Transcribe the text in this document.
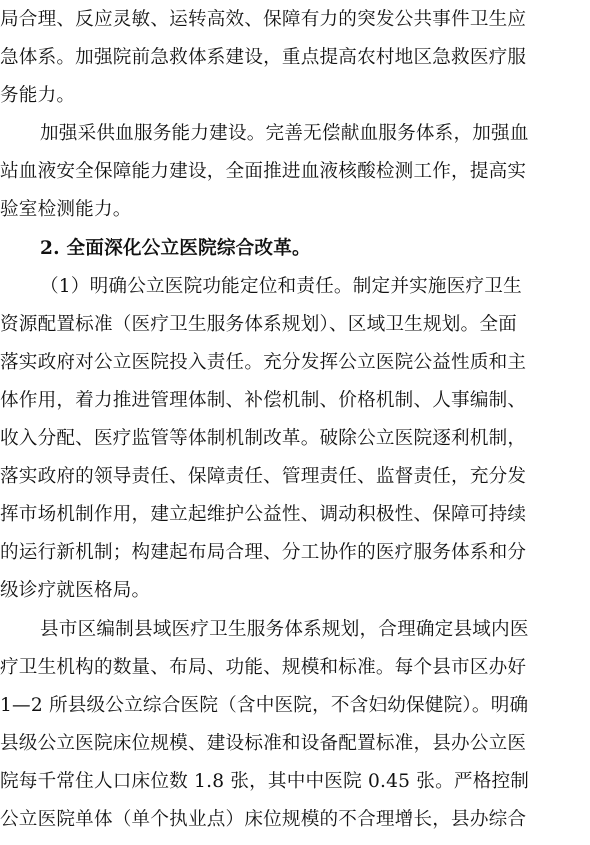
局合理、反应灵敏、运转高效、保障有力的突发公共事件卫生应
急体系。加强院前急救体系建设，重点提高农村地区急救医疗服
务能力。
加强采供血服务能力建设。完善无偿献血服务体系，加强血
站血液安全保障能力建设，全面推进血液核酸检测工作，提高实
验室检测能力。
2. 全面深化公立医院综合改革。
（1）明确公立医院功能定位和责任。制定并实施医疗卫生
资源配置标准（医疗卫生服务体系规划）、区域卫生规划。全面
落实政府对公立医院投入责任。充分发挥公立医院公益性质和主
体作用，着力推进管理体制、补偿机制、价格机制、人事编制、
收入分配、医疗监管等体制机制改革。破除公立医院逐利机制，
落实政府的领导责任、保障责任、管理责任、监督责任，充分发
挥市场机制作用，建立起维护公益性、调动积极性、保障可持续
的运行新机制；构建起布局合理、分工协作的医疗服务体系和分
级诊疗就医格局。
县市区编制县域医疗卫生服务体系规划，合理确定县域内医
疗卫生机构的数量、布局、功能、规模和标准。每个县市区办好
1—2 所县级公立综合医院（含中医院，不含妇幼保健院）。明确
县级公立医院床位规模、建设标准和设备配置标准，县办公立医
院每千常住人口床位数 1.8 张，其中中医院 0.45 张。严格控制
公立医院单体（单个执业点）床位规模的不合理增长，县办综合
